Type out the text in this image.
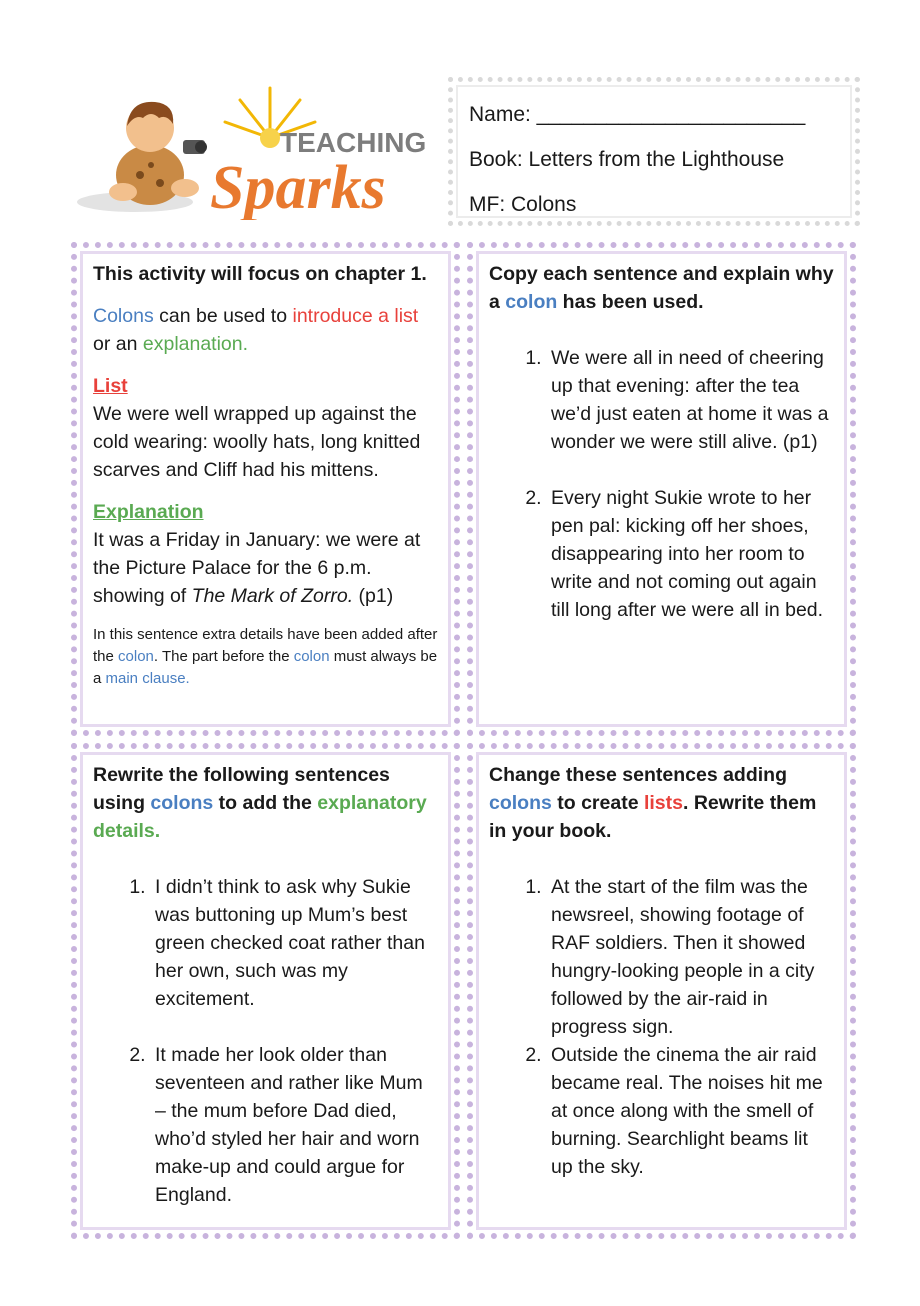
TEACHING
Sparks
Name: _______________________
Book: Letters from the Lighthouse
MF: Colons

This activity will focus on chapter 1.

Colons can be used to introduce a list or an explanation.

List

We were well wrapped up against the cold wearing: woolly hats, long knitted scarves and Cliff had his mittens.

Explanation

It was a Friday in January: we were at the Picture Palace for the 6 p.m. showing of The Mark of Zorro. (p1)

In this sentence extra details have been added after the colon. The part before the colon must always be a main clause.

Copy each sentence and explain why a colon has been used.

1. We were all in need of cheering up that evening: after the tea we’d just eaten at home it was a wonder we were still alive. (p1)
2. Every night Sukie wrote to her pen pal: kicking off her shoes, disappearing into her room to write and not coming out again till long after we were all in bed.

Rewrite the following sentences using colons to add the explanatory details.

1. I didn’t think to ask why Sukie was buttoning up Mum’s best green checked coat rather than her own, such was my excitement.
2. It made her look older than seventeen and rather like Mum – the mum before Dad died, who’d styled her hair and worn make-up and could argue for England.

Change these sentences adding colons to create lists. Rewrite them in your book.

1. At the start of the film was the newsreel, showing footage of RAF soldiers. Then it showed hungry-looking people in a city followed by the air-raid in progress sign.
2. Outside the cinema the air raid became real. The noises hit me at once along with the smell of burning. Searchlight beams lit up the sky.
